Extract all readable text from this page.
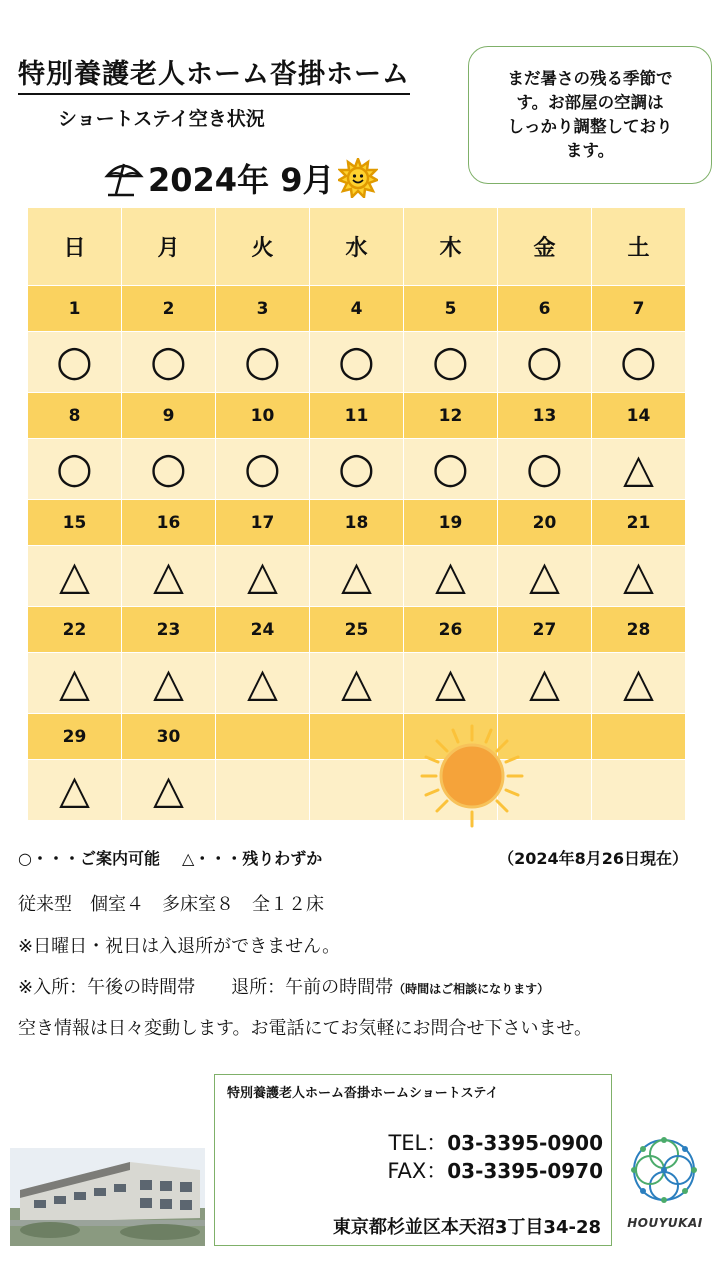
特別養護老人ホーム沓掛ホーム
ショートステイ空き状況
まだ暑さの残る季節で
す。お部屋の空調は
しっかり調整しており
ます。
2024年 9月
日	月	火	水	木	金	土
1	2	3	4	5	6	7
○	○	○	○	○	○	○
8	9	10	11	12	13	14
○	○	○	○	○	○	△
15	16	17	18	19	20	21
△	△	△	△	△	△	△
22	23	24	25	26	27	28
△	△	△	△	△	△	△
29	30					
△	△					
○・・・ご案内可能 △・・・残りわずか	（2024年8月26日現在）
従来型　個室４　多床室８　全１２床
※日曜日・祝日は入退所ができません。
※入所：午後の時間帯　　退所：午前の時間帯（時間はご相談になります）
空き情報は日々変動します。お電話にてお気軽にお問合せ下さいませ。
特別養護老人ホーム沓掛ホームショートステイ
TEL：03-3395-0900
FAX：03-3395-0970
東京都杉並区本天沼3丁目34-28	HOUYUKAI
